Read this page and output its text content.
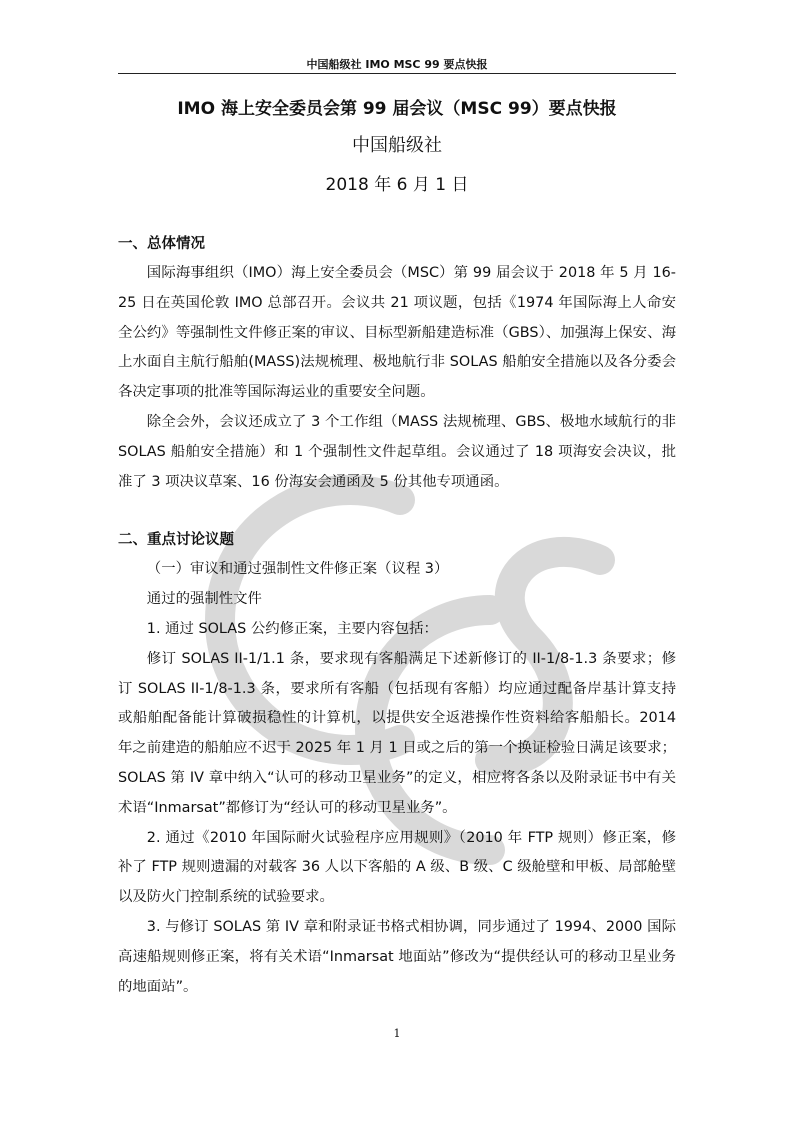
中国船级社 IMO MSC 99 要点快报
IMO 海上安全委员会第 99 届会议（MSC 99）要点快报
中国船级社
2018 年 6 月 1 日
一、总体情况

国际海事组织（IMO）海上安全委员会（MSC）第 99 届会议于 2018 年 5 月 16-25 日在英国伦敦 IMO 总部召开。会议共 21 项议题，包括《1974 年国际海上人命安全公约》等强制性文件修正案的审议、目标型新船建造标准（GBS）、加强海上保安、海上水面自主航行船舶(MASS)法规梳理、极地航行非 SOLAS 船舶安全措施以及各分委会各决定事项的批准等国际海运业的重要安全问题。

除全会外，会议还成立了 3 个工作组（MASS 法规梳理、GBS、极地水域航行的非 SOLAS 船舶安全措施）和 1 个强制性文件起草组。会议通过了 18 项海安会决议，批准了 3 项决议草案、16 份海安会通函及 5 份其他专项通函。

二、重点讨论议题

（一）审议和通过强制性文件修正案（议程 3）

通过的强制性文件

1. 通过 SOLAS 公约修正案，主要内容包括：

修订 SOLAS II-1/1.1 条，要求现有客船满足下述新修订的 II-1/8-1.3 条要求；修订 SOLAS II-1/8-1.3 条，要求所有客船（包括现有客船）均应通过配备岸基计算支持或船舶配备能计算破损稳性的计算机，以提供安全返港操作性资料给客船船长。2014 年之前建造的船舶应不迟于 2025 年 1 月 1 日或之后的第一个换证检验日满足该要求；SOLAS 第 IV 章中纳入“认可的移动卫星业务”的定义，相应将各条以及附录证书中有关术语“Inmarsat”都修订为“经认可的移动卫星业务”。

2. 通过《2010 年国际耐火试验程序应用规则》（2010 年 FTP 规则）修正案，修补了 FTP 规则遗漏的对载客 36 人以下客船的 A 级、B 级、C 级舱壁和甲板、局部舱壁以及防火门控制系统的试验要求。

3. 与修订 SOLAS 第 IV 章和附录证书格式相协调，同步通过了 1994、2000 国际高速船规则修正案，将有关术语“Inmarsat 地面站”修改为“提供经认可的移动卫星业务的地面站”。

1
